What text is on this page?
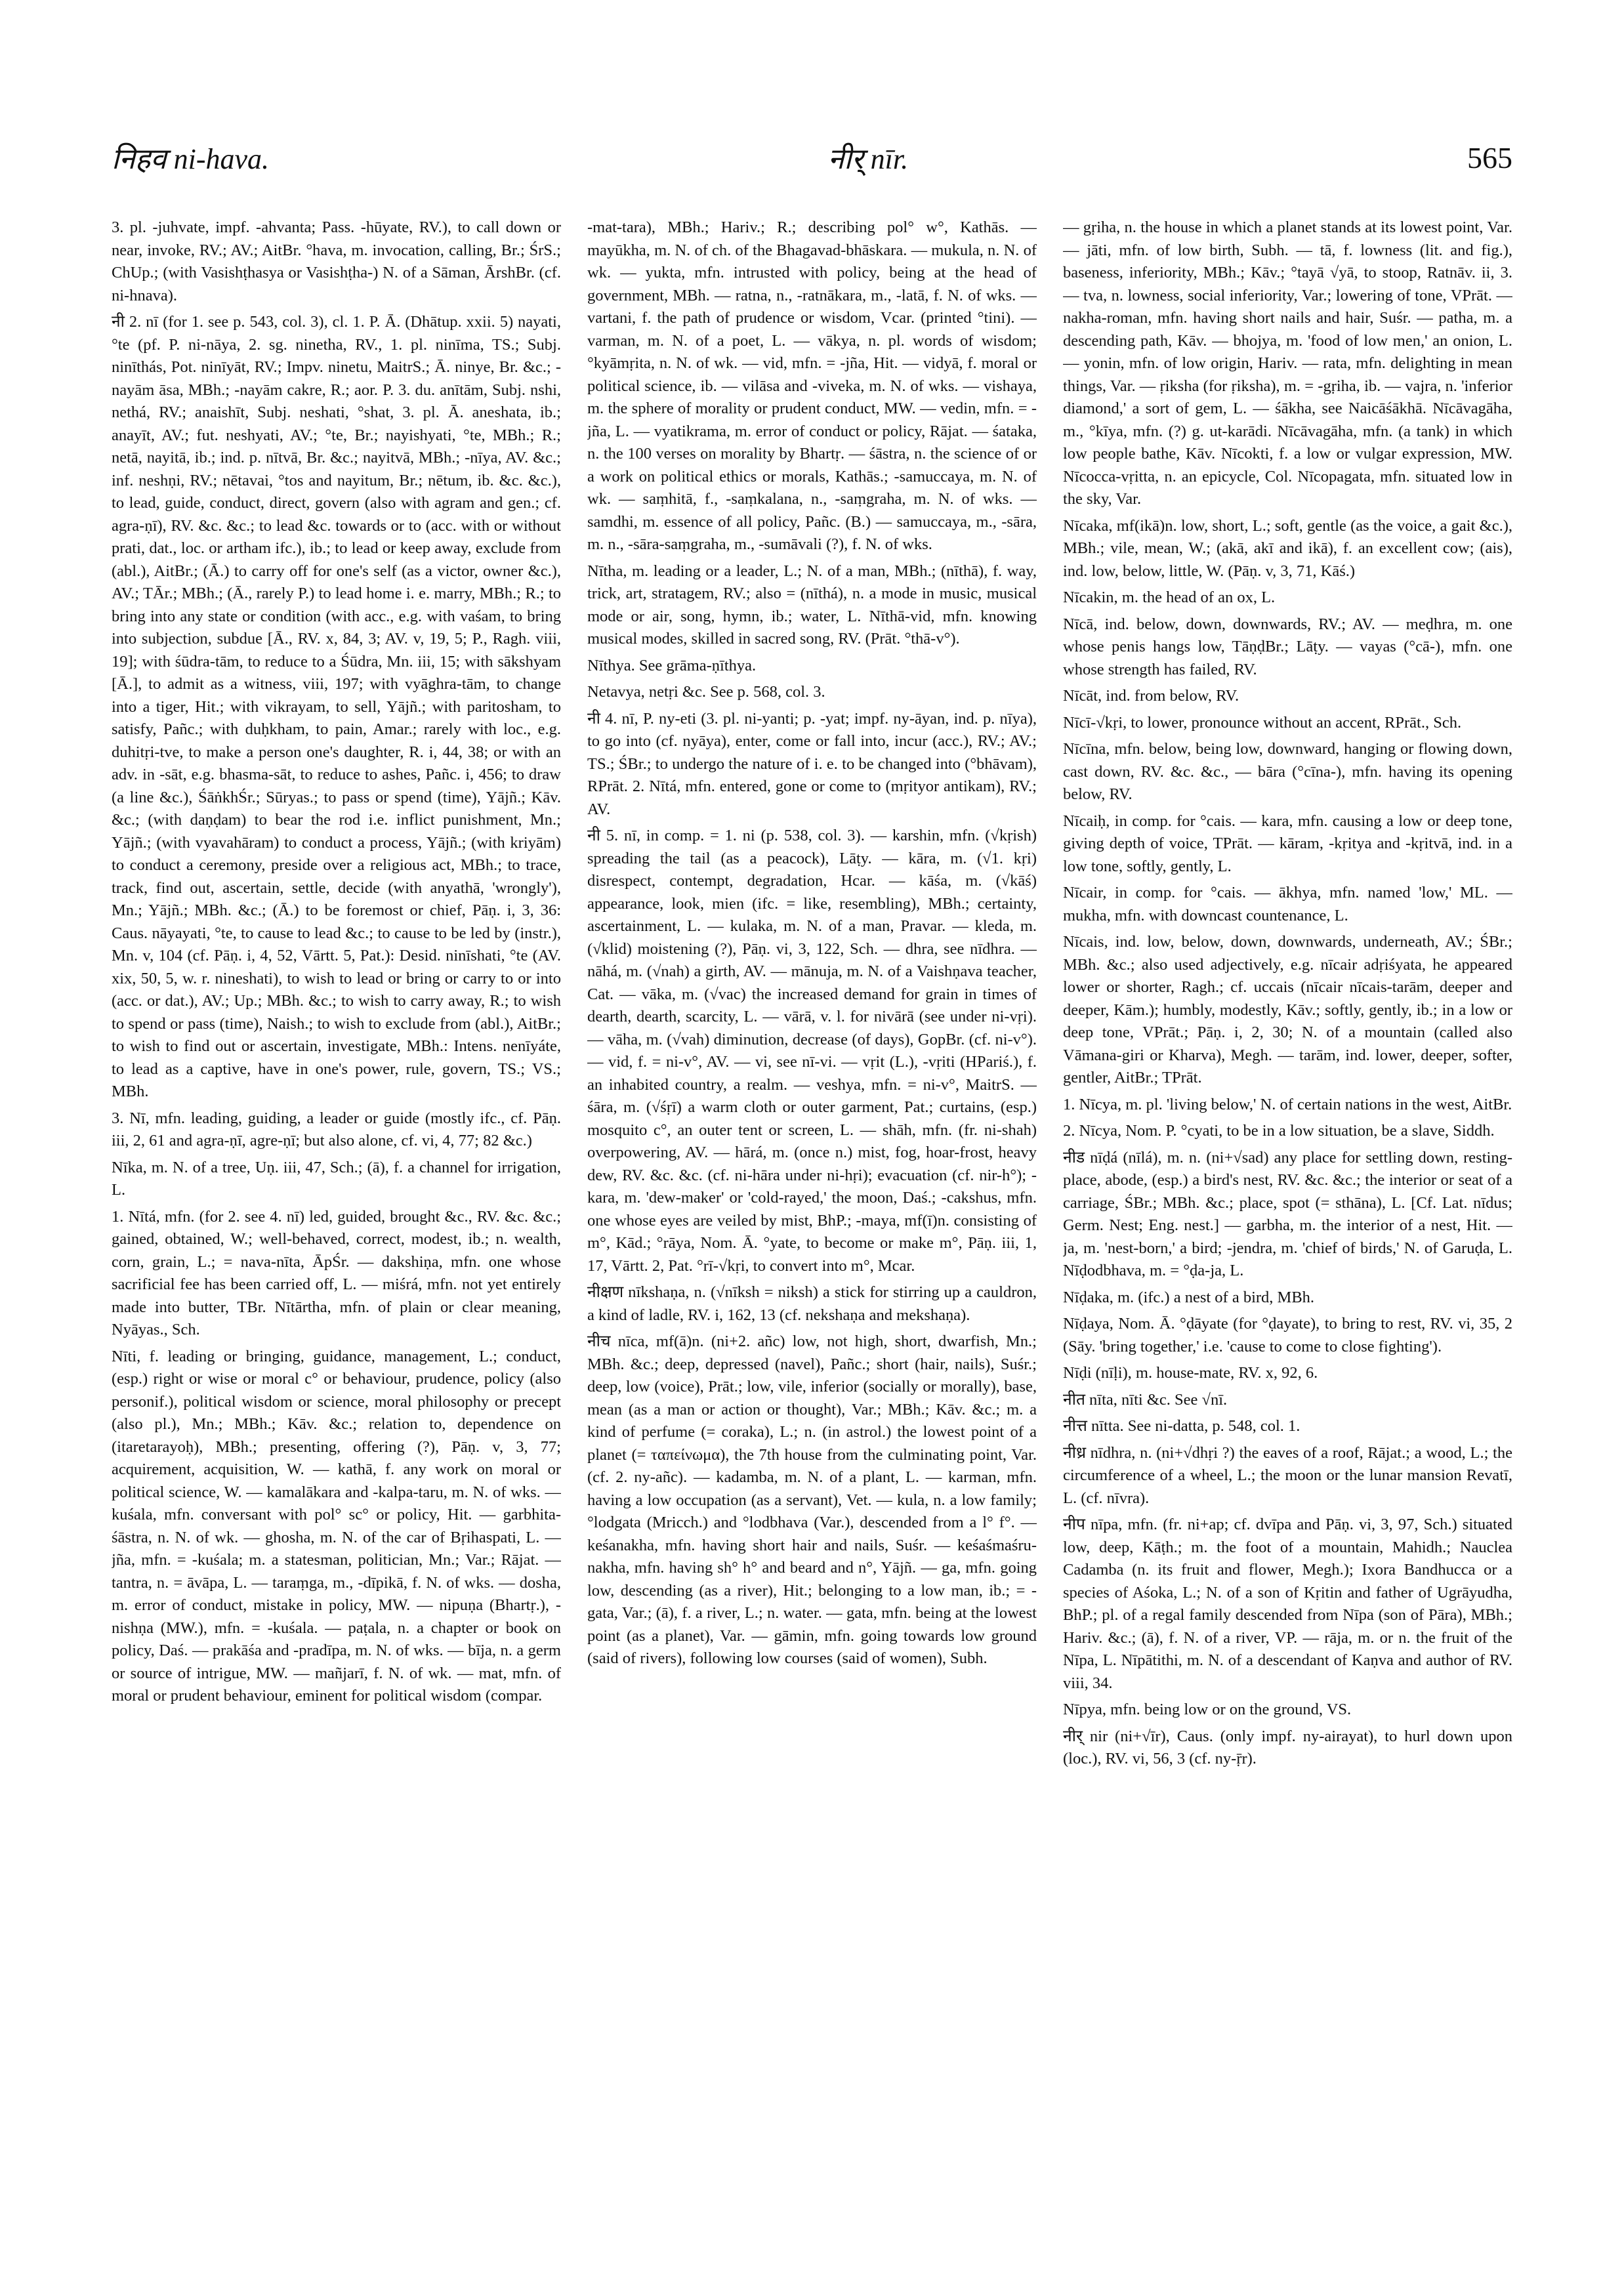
निहव ni-hava.	नीर् nīr.	565

3. pl. -juhvate, impf. -ahvanta; Pass. -hūyate, RV.), to call down or near, invoke, RV.; AV.; AitBr. °hava, m. invocation, calling, Br.; ŚrS.; ChUp.; (with Vasishṭhasya or Vasishṭha-) N. of a Sāman, ĀrshBr. (cf. ni-hnava).

नी 2. nī (for 1. see p. 543, col. 3), cl. 1. P. Ā. (Dhātup. xxii. 5) nayati, °te (pf. P. ni-nāya, 2. sg. ninetha, RV., 1. pl. ninīma, TS.; Subj. ninīthás, Pot. ninīyāt, RV.; Impv. ninetu, MaitrS.; Ā. ninye, Br. &c.; -nayām āsa, MBh.; -nayām cakre, R.; aor. P. 3. du. anītām, Subj. nshi, nethá, RV.; anaishīt, Subj. neshati, °shat, 3. pl. Ā. aneshata, ib.; anayīt, AV.; fut. neshyati, AV.; °te, Br.; nayishyati, °te, MBh.; R.; netā, nayitā, ib.; ind. p. nītvā, Br. &c.; nayitvā, MBh.; -nīya, AV. &c.; inf. neshṇi, RV.; nētavai, °tos and nayitum, Br.; nētum, ib. &c. &c.), to lead, guide, conduct, direct, govern (also with agram and gen.; cf. agra-ṇī), RV. &c. &c.; to lead &c. towards or to (acc. with or without prati, dat., loc. or artham ifc.), ib.; to lead or keep away, exclude from (abl.), AitBr.; (Ā.) to carry off for one's self (as a victor, owner &c.), AV.; TĀr.; MBh.; (Ā., rarely P.) to lead home i. e. marry, MBh.; R.; to bring into any state or condition (with acc., e.g. with vaśam, to bring into subjection, subdue [Ā., RV. x, 84, 3; AV. v, 19, 5; P., Ragh. viii, 19]; with śūdra-tām, to reduce to a Śūdra, Mn. iii, 15; with sākshyam [Ā.], to admit as a witness, viii, 197; with vyāghra-tām, to change into a tiger, Hit.; with vikrayam, to sell, Yājñ.; with paritosham, to satisfy, Pañc.; with duḥkham, to pain, Amar.; rarely with loc., e.g. duhitṛi-tve, to make a person one's daughter, R. i, 44, 38; or with an adv. in -sāt, e.g. bhasma-sāt, to reduce to ashes, Pañc. i, 456; to draw (a line &c.), ŚāṅkhŚr.; Sūryas.; to pass or spend (time), Yājñ.; Kāv. &c.; (with daṇḍam) to bear the rod i.e. inflict punishment, Mn.; Yājñ.; (with vyavahāram) to conduct a process, Yājñ.; (with kriyām) to conduct a ceremony, preside over a religious act, MBh.; to trace, track, find out, ascertain, settle, decide (with anyathā, 'wrongly'), Mn.; Yājñ.; MBh. &c.; (Ā.) to be foremost or chief, Pāṇ. i, 3, 36: Caus. nāyayati, °te, to cause to lead &c.; to cause to be led by (instr.), Mn. v, 104 (cf. Pāṇ. i, 4, 52, Vārtt. 5, Pat.): Desid. ninīshati, °te (AV. xix, 50, 5, w. r. nineshati), to wish to lead or bring or carry to or into (acc. or dat.), AV.; Up.; MBh. &c.; to wish to carry away, R.; to wish to spend or pass (time), Naish.; to wish to exclude from (abl.), AitBr.; to wish to find out or ascertain, investigate, MBh.: Intens. nenīyáte, to lead as a captive, have in one's power, rule, govern, TS.; VS.; MBh.

3. Nī, mfn. leading, guiding, a leader or guide (mostly ifc., cf. Pāṇ. iii, 2, 61 and agra-ṇī, agre-ṇī; but also alone, cf. vi, 4, 77; 82 &c.)

Nīka, m. N. of a tree, Uṇ. iii, 47, Sch.; (ā), f. a channel for irrigation, L.

1. Nītá, mfn. (for 2. see 4. nī) led, guided, brought &c., RV. &c. &c.; gained, obtained, W.; well-behaved, correct, modest, ib.; n. wealth, corn, grain, L.; = nava-nīta, ĀpŚr. — dakshiṇa, mfn. one whose sacrificial fee has been carried off, L. — miśrá, mfn. not yet entirely made into butter, TBr. Nītārtha, mfn. of plain or clear meaning, Nyāyas., Sch.

Nīti, f. leading or bringing, guidance, management, L.; conduct, (esp.) right or wise or moral c° or behaviour, prudence, policy (also personif.), political wisdom or science, moral philosophy or precept (also pl.), Mn.; MBh.; Kāv. &c.; relation to, dependence on (itaretarayoḥ), MBh.; presenting, offering (?), Pāṇ. v, 3, 77; acquirement, acquisition, W. — kathā, f. any work on moral or political science, W. — kamalākara and -kalpa-taru, m. N. of wks. — kuśala, mfn. conversant with pol° sc° or policy, Hit. — garbhita-śāstra, n. N. of wk. — ghosha, m. N. of the car of Bṛihaspati, L. — jña, mfn. = -kuśala; m. a statesman, politician, Mn.; Var.; Rājat. — tantra, n. = āvāpa, L. — taraṃga, m., -dīpikā, f. N. of wks. — dosha, m. error of conduct, mistake in policy, MW. — nipuṇa (Bhartṛ.), -nishṇa (MW.), mfn. = -kuśala. — paṭala, n. a chapter or book on policy, Daś. — prakāśa and -pradīpa, m. N. of wks. — bīja, n. a germ or source of intrigue, MW. — mañjarī, f. N. of wk. — mat, mfn. of moral or prudent behaviour, eminent for political wisdom (compar.

-mat-tara), MBh.; Hariv.; R.; describing pol° w°, Kathās. — mayūkha, m. N. of ch. of the Bhagavad-bhāskara. — mukula, n. N. of wk. — yukta, mfn. intrusted with policy, being at the head of government, MBh. — ratna, n., -ratnākara, m., -latā, f. N. of wks. — vartani, f. the path of prudence or wisdom, Vcar. (printed °tini). — varman, m. N. of a poet, L. — vākya, n. pl. words of wisdom; °kyāmṛita, n. N. of wk. — vid, mfn. = -jña, Hit. — vidyā, f. moral or political science, ib. — vilāsa and -viveka, m. N. of wks. — vishaya, m. the sphere of morality or prudent conduct, MW. — vedin, mfn. = -jña, L. — vyatikrama, m. error of conduct or policy, Rājat. — śataka, n. the 100 verses on morality by Bhartṛ. — śāstra, n. the science of or a work on political ethics or morals, Kathās.; -samuccaya, m. N. of wk. — saṃhitā, f., -saṃkalana, n., -saṃgraha, m. N. of wks. — samdhi, m. essence of all policy, Pañc. (B.) — samuccaya, m., -sāra, m. n., -sāra-saṃgraha, m., -sumāvali (?), f. N. of wks.

Nītha, m. leading or a leader, L.; N. of a man, MBh.; (nīthā), f. way, trick, art, stratagem, RV.; also = (nīthá), n. a mode in music, musical mode or air, song, hymn, ib.; water, L. Nīthā-vid, mfn. knowing musical modes, skilled in sacred song, RV. (Prāt. °thā-v°).

Nīthya. See grāma-ṇīthya.

Netavya, netṛi &c. See p. 568, col. 3.

नी 4. nī, P. ny-eti (3. pl. ni-yanti; p. -yat; impf. ny-āyan, ind. p. nīya), to go into (cf. nyāya), enter, come or fall into, incur (acc.), RV.; AV.; TS.; ŚBr.; to undergo the nature of i. e. to be changed into (°bhāvam), RPrāt. 2. Nītá, mfn. entered, gone or come to (mṛityor antikam), RV.; AV.

नी 5. nī, in comp. = 1. ni (p. 538, col. 3). — karshin, mfn. (√kṛish) spreading the tail (as a peacock), Lāṭy. — kāra, m. (√1. kṛi) disrespect, contempt, degradation, Hcar. — kāśa, m. (√kāś) appearance, look, mien (ifc. = like, resembling), MBh.; certainty, ascertainment, L. — kulaka, m. N. of a man, Pravar. — kleda, m. (√klid) moistening (?), Pāṇ. vi, 3, 122, Sch. — dhra, see nīdhra. — nāhá, m. (√nah) a girth, AV. — mānuja, m. N. of a Vaishṇava teacher, Cat. — vāka, m. (√vac) the increased demand for grain in times of dearth, dearth, scarcity, L. — vārā, v. l. for nivārā (see under ni-vṛi). — vāha, m. (√vah) diminution, decrease (of days), GopBr. (cf. ni-v°). — vid, f. = ni-v°, AV. — vi, see nī-vi. — vṛit (L.), -vṛiti (HPariś.), f. an inhabited country, a realm. — veshya, mfn. = ni-v°, MaitrS. — śāra, m. (√śṛī) a warm cloth or outer garment, Pat.; curtains, (esp.) mosquito c°, an outer tent or screen, L. — shāh, mfn. (fr. ni-shah) overpowering, AV. — hārá, m. (once n.) mist, fog, hoar-frost, heavy dew, RV. &c. &c. (cf. ni-hāra under ni-hṛi); evacuation (cf. nir-h°); -kara, m. 'dew-maker' or 'cold-rayed,' the moon, Daś.; -cakshus, mfn. one whose eyes are veiled by mist, BhP.; -maya, mf(ī)n. consisting of m°, Kād.; °rāya, Nom. Ā. °yate, to become or make m°, Pāṇ. iii, 1, 17, Vārtt. 2, Pat. °rī-√kṛi, to convert into m°, Mcar.

नीक्षण nīkshaṇa, n. (√nīksh = niksh) a stick for stirring up a cauldron, a kind of ladle, RV. i, 162, 13 (cf. nekshaṇa and mekshaṇa).

नीच nīca, mf(ā)n. (ni+2. añc) low, not high, short, dwarfish, Mn.; MBh. &c.; deep, depressed (navel), Pañc.; short (hair, nails), Suśr.; deep, low (voice), Prāt.; low, vile, inferior (socially or morally), base, mean (as a man or action or thought), Var.; MBh.; Kāv. &c.; m. a kind of perfume (= coraka), L.; n. (in astrol.) the lowest point of a planet (= ταπείνωμα), the 7th house from the culminating point, Var. (cf. 2. ny-añc). — kadamba, m. N. of a plant, L. — karman, mfn. having a low occupation (as a servant), Vet. — kula, n. a low family; °lodgata (Mricch.) and °lodbhava (Var.), descended from a l° f°. — keśanakha, mfn. having short hair and nails, Suśr. — keśaśmaśru-nakha, mfn. having sh° h° and beard and n°, Yājñ. — ga, mfn. going low, descending (as a river), Hit.; belonging to a low man, ib.; = -gata, Var.; (ā), f. a river, L.; n. water. — gata, mfn. being at the lowest point (as a planet), Var. — gāmin, mfn. going towards low ground (said of rivers), following low courses (said of women), Subh.

— gṛiha, n. the house in which a planet stands at its lowest point, Var. — jāti, mfn. of low birth, Subh. — tā, f. lowness (lit. and fig.), baseness, inferiority, MBh.; Kāv.; °tayā √yā, to stoop, Ratnāv. ii, 3. — tva, n. lowness, social inferiority, Var.; lowering of tone, VPrāt. — nakha-roman, mfn. having short nails and hair, Suśr. — patha, m. a descending path, Kāv. — bhojya, m. 'food of low men,' an onion, L. — yonin, mfn. of low origin, Hariv. — rata, mfn. delighting in mean things, Var. — ṛiksha (for ṛiksha), m. = -gṛiha, ib. — vajra, n. 'inferior diamond,' a sort of gem, L. — śākha, see Naicāśākhā. Nīcāvagāha, m., °kīya, mfn. (?) g. ut-karādi. Nīcāvagāha, mfn. (a tank) in which low people bathe, Kāv. Nīcokti, f. a low or vulgar expression, MW. Nīcocca-vṛitta, n. an epicycle, Col. Nīcopagata, mfn. situated low in the sky, Var.

Nīcaka, mf(ikā)n. low, short, L.; soft, gentle (as the voice, a gait &c.), MBh.; vile, mean, W.; (akā, akī and ikā), f. an excellent cow; (ais), ind. low, below, little, W. (Pāṇ. v, 3, 71, Kāś.)

Nīcakin, m. the head of an ox, L.

Nīcā, ind. below, down, downwards, RV.; AV. — meḍhra, m. one whose penis hangs low, TāṇḍBr.; Lāṭy. — vayas (°cā-), mfn. one whose strength has failed, RV.

Nīcāt, ind. from below, RV.

Nīcī-√kṛi, to lower, pronounce without an accent, RPrāt., Sch.

Nīcīna, mfn. below, being low, downward, hanging or flowing down, cast down, RV. &c. &c., — bāra (°cīna-), mfn. having its opening below, RV.

Nīcaiḥ, in comp. for °cais. — kara, mfn. causing a low or deep tone, giving depth of voice, TPrāt. — kāram, -kṛitya and -kṛitvā, ind. in a low tone, softly, gently, L.

Nīcair, in comp. for °cais. — ākhya, mfn. named 'low,' ML. — mukha, mfn. with downcast countenance, L.

Nīcais, ind. low, below, down, downwards, underneath, AV.; ŚBr.; MBh. &c.; also used adjectively, e.g. nīcair adṛiśyata, he appeared lower or shorter, Ragh.; cf. uccais (nīcair nīcais-tarām, deeper and deeper, Kām.); humbly, modestly, Kāv.; softly, gently, ib.; in a low or deep tone, VPrāt.; Pāṇ. i, 2, 30; N. of a mountain (called also Vāmana-giri or Kharva), Megh. — tarām, ind. lower, deeper, softer, gentler, AitBr.; TPrāt.

1. Nīcya, m. pl. 'living below,' N. of certain nations in the west, AitBr.

2. Nīcya, Nom. P. °cyati, to be in a low situation, be a slave, Siddh.

नीड nīḍá (nīlá), m. n. (ni+√sad) any place for settling down, resting-place, abode, (esp.) a bird's nest, RV. &c. &c.; the interior or seat of a carriage, ŚBr.; MBh. &c.; place, spot (= sthāna), L. [Cf. Lat. nīdus; Germ. Nest; Eng. nest.] — garbha, m. the interior of a nest, Hit. — ja, m. 'nest-born,' a bird; -jendra, m. 'chief of birds,' N. of Garuḍa, L. Nīḍodbhava, m. = °ḍa-ja, L.

Nīḍaka, m. (ifc.) a nest of a bird, MBh.

Nīḍaya, Nom. Ā. °ḍāyate (for °ḍayate), to bring to rest, RV. vi, 35, 2 (Sāy. 'bring together,' i.e. 'cause to come to close fighting').

Nīḍi (nīḷi), m. house-mate, RV. x, 92, 6.

नीत nīta, nīti &c. See √nī.

नीत्त nītta. See ni-datta, p. 548, col. 1.

नीध्र nīdhra, n. (ni+√dhṛi ?) the eaves of a roof, Rājat.; a wood, L.; the circumference of a wheel, L.; the moon or the lunar mansion Revatī, L. (cf. nīvra).

नीप nīpa, mfn. (fr. ni+ap; cf. dvīpa and Pāṇ. vi, 3, 97, Sch.) situated low, deep, Kāṭh.; m. the foot of a mountain, Mahidh.; Nauclea Cadamba (n. its fruit and flower, Megh.); Ixora Bandhucca or a species of Aśoka, L.; N. of a son of Kṛitin and father of Ugrāyudha, BhP.; pl. of a regal family descended from Nīpa (son of Pāra), MBh.; Hariv. &c.; (ā), f. N. of a river, VP. — rāja, m. or n. the fruit of the Nīpa, L. Nīpātithi, m. N. of a descendant of Kaṇva and author of RV. viii, 34.

Nīpya, mfn. being low or on the ground, VS.

नीर् nir (ni+√īr), Caus. (only impf. ny-airayat), to hurl down upon (loc.), RV. vi, 56, 3 (cf. ny-ṝr).
